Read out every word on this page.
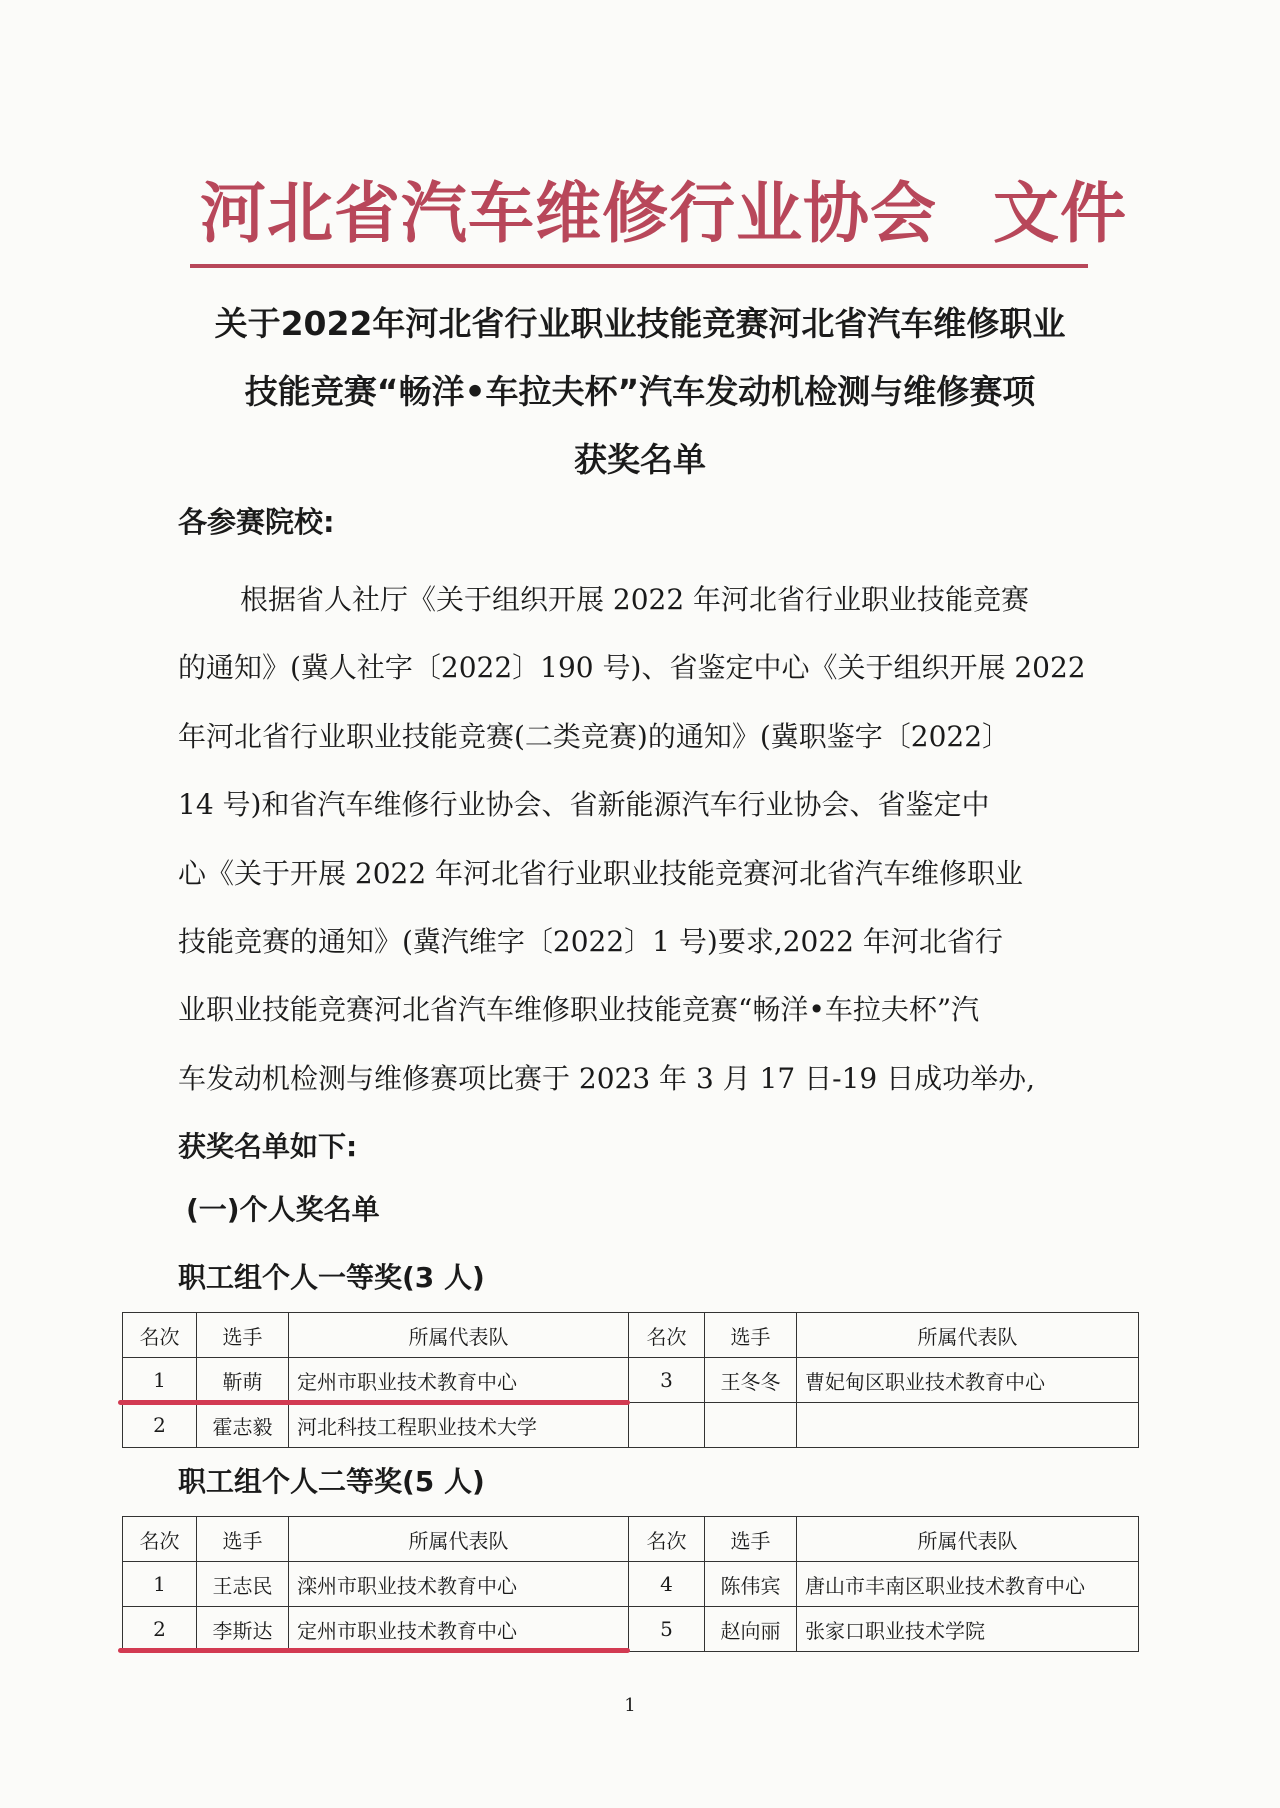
河北省汽车维修行业协会 文件
关于2022年河北省行业职业技能竞赛河北省汽车维修职业
技能竞赛“畅洋•车拉夫杯”汽车发动机检测与维修赛项
获奖名单
各参赛院校:
根据省人社厅《关于组织开展 2022 年河北省行业职业技能竞赛
的通知》(冀人社字〔2022〕190 号)、省鉴定中心《关于组织开展 2022
年河北省行业职业技能竞赛(二类竞赛)的通知》(冀职鉴字〔2022〕
14 号)和省汽车维修行业协会、省新能源汽车行业协会、省鉴定中
心《关于开展 2022 年河北省行业职业技能竞赛河北省汽车维修职业
技能竞赛的通知》(冀汽维字〔2022〕1 号)要求,2022 年河北省行
业职业技能竞赛河北省汽车维修职业技能竞赛“畅洋•车拉夫杯”汽
车发动机检测与维修赛项比赛于 2023 年 3 月 17 日-19 日成功举办,
获奖名单如下:
(一)个人奖名单
职工组个人一等奖(3 人)
名次	选手	所属代表队	名次	选手	所属代表队
1	靳萌	定州市职业技术教育中心	3	王冬冬	曹妃甸区职业技术教育中心
2	霍志毅	河北科技工程职业技术大学			
职工组个人二等奖(5 人)
名次	选手	所属代表队	名次	选手	所属代表队
1	王志民	滦州市职业技术教育中心	4	陈伟宾	唐山市丰南区职业技术教育中心
2	李斯达	定州市职业技术教育中心	5	赵向丽	张家口职业技术学院
1
